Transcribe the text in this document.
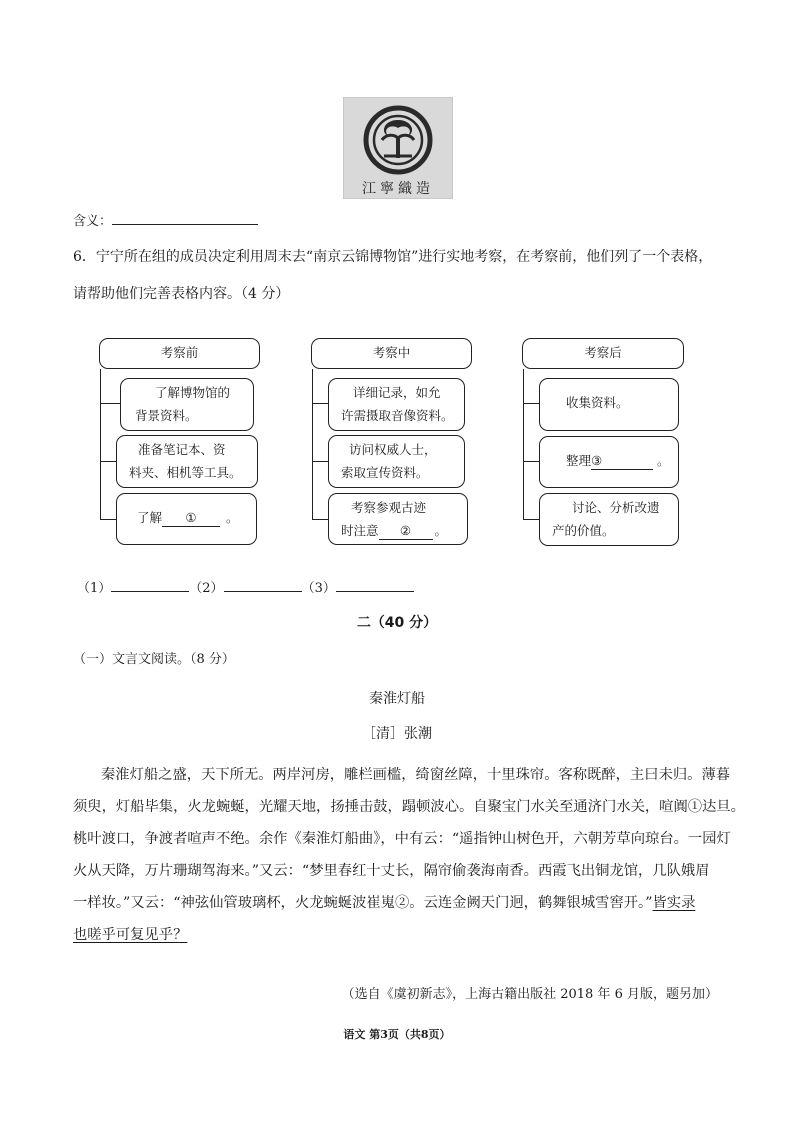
江寧織造
含义：
6．宁宁所在组的成员决定利用周末去“南京云锦博物馆”进行实地考察，在考察前，他们列了一个表格，
请帮助他们完善表格内容。（4 分）
考察前
了解博物馆的
背景资料。
准备笔记本、资
料夹、相机等工具。
了解 ① 。
考察中
详细记录，如允
许需摄取音像资料。
访问权威人士，
索取宣传资料。
考察参观古迹
时注意 ② 。
考察后
收集资料。
整理③	。
讨论、分析改遗
产的价值。
（1）	（2）	（3）
二（40 分）
（一）文言文阅读。（8 分）
秦淮灯船
［清］张潮

秦淮灯船之盛，天下所无。两岸河房，雕栏画槛，绮窗丝障，十里珠帘。客称既醉，主曰未归。薄暮

须臾，灯船毕集，火龙蜿蜒，光耀天地，扬捶击鼓，蹋顿波心。自聚宝门水关至通济门水关，喧阗①达旦。

桃叶渡口，争渡者喧声不绝。余作《秦淮灯船曲》，中有云：“遥指钟山树色开，六朝芳草向琼台。一园灯

火从天降，万片珊瑚驾海来。”又云：“梦里春红十丈长，隔帘偷袭海南香。西霞飞出铜龙馆，几队娥眉

一样妆。”又云：“神弦仙管玻璃杯，火龙蜿蜒波崔嵬②。云连金阙天门迥，鹤舞银城雪窖开。”皆实录

也嗟乎可复见乎？

（选自《虞初新志》，上海古籍出版社 2018 年 6 月版，题另加）
语文 第3页（共8页）
